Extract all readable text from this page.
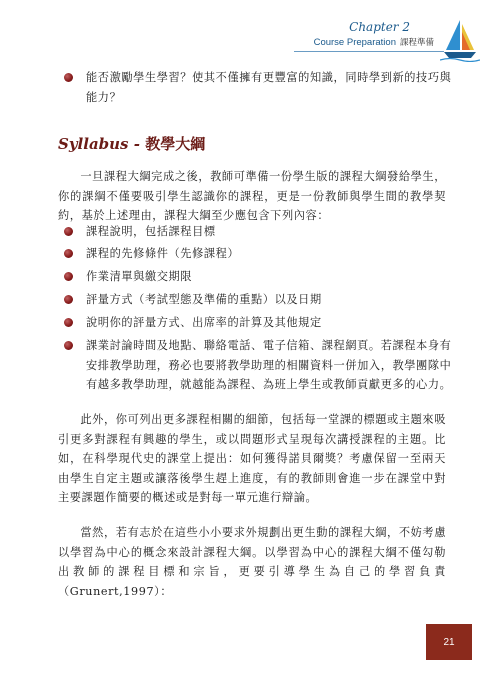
Chapter 2
Course Preparation 課程準備
能否激勵學生學習？使其不僅擁有更豐富的知識，同時學到新的技巧與能力？
Syllabus - 教學大綱
一旦課程大綱完成之後，教師可準備一份學生版的課程大綱發給學生，你的課綱不僅要吸引學生認識你的課程，更是一份教師與學生間的教學契約，基於上述理由，課程大綱至少應包含下列內容：
課程說明，包括課程目標
課程的先修條件（先修課程）
作業清單與繳交期限
評量方式（考試型態及準備的重點）以及日期
說明你的評量方式、出席率的計算及其他規定
課業討論時間及地點、聯絡電話、電子信箱、課程網頁。若課程本身有安排教學助理，務必也要將教學助理的相關資料一併加入，教學團隊中有越多教學助理，就越能為課程、為班上學生或教師貢獻更多的心力。
此外，你可列出更多課程相關的細節，包括每一堂課的標題或主題來吸引更多對課程有興趣的學生，或以問題形式呈現每次講授課程的主題。比如，在科學現代史的課堂上提出：如何獲得諾貝爾獎？考慮保留一至兩天由學生自定主題或讓落後學生趕上進度，有的教師則會進一步在課堂中對主要課題作簡要的概述或是對每一單元進行辯論。
當然，若有志於在這些小小要求外規劃出更生動的課程大綱，不妨考慮以學習為中心的概念來設計課程大綱。以學習為中心的課程大綱不僅勾勒出教師的課程目標和宗旨，更要引導學生為自己的學習負責（Grunert,1997）：
21
